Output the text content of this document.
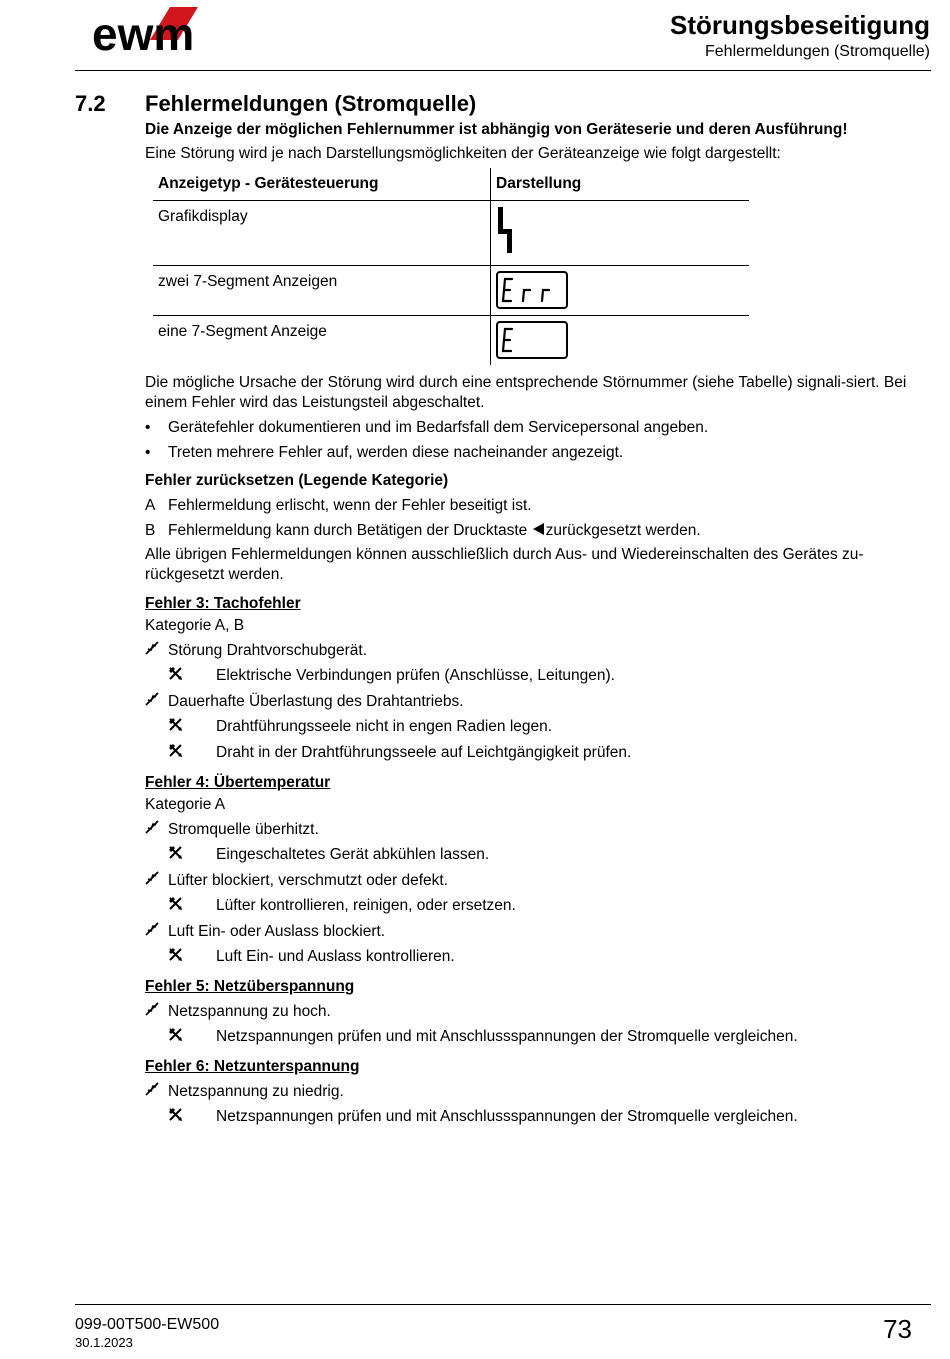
ewm	Störungsbeseitigung
Fehlermeldungen (Stromquelle)
7.2 Fehlermeldungen (Stromquelle)

Die Anzeige der möglichen Fehlernummer ist abhängig von Geräteserie und deren Ausführung!

Eine Störung wird je nach Darstellungsmöglichkeiten der Geräteanzeige wie folgt dargestellt:

Anzeigetyp - Gerätesteuerung	Darstellung
Grafikdisplay	
zwei 7-Segment Anzeigen	

eine 7-Segment Anzeige	

Die mögliche Ursache der Störung wird durch eine entsprechende Störnummer (siehe Tabelle) signali-siert. Bei einem Fehler wird das Leistungsteil abgeschaltet.

•	Gerätefehler dokumentieren und im Bedarfsfall dem Servicepersonal angeben.
•	Treten mehrere Fehler auf, werden diese nacheinander angezeigt.

Fehler zurücksetzen (Legende Kategorie)

A Fehlermeldung erlischt, wenn der Fehler beseitigt ist.
B Fehlermeldung kann durch Betätigen der Drucktaste zurückgesetzt werden.

Alle übrigen Fehlermeldungen können ausschließlich durch Aus- und Wiedereinschalten des Gerätes zu-rückgesetzt werden.

Fehler 3: Tachofehler

Kategorie A, B

Störung Drahtvorschubgerät.
Elektrische Verbindungen prüfen (Anschlüsse, Leitungen).
Dauerhafte Überlastung des Drahtantriebs.
Drahtführungsseele nicht in engen Radien legen.
Draht in der Drahtführungsseele auf Leichtgängigkeit prüfen.

Fehler 4: Übertemperatur

Kategorie A

Stromquelle überhitzt.
Eingeschaltetes Gerät abkühlen lassen.
Lüfter blockiert, verschmutzt oder defekt.
Lüfter kontrollieren, reinigen, oder ersetzen.
Luft Ein- oder Auslass blockiert.
Luft Ein- und Auslass kontrollieren.

Fehler 5: Netzüberspannung

Netzspannung zu hoch.
Netzspannungen prüfen und mit Anschlussspannungen der Stromquelle vergleichen.

Fehler 6: Netzunterspannung

Netzspannung zu niedrig.
Netzspannungen prüfen und mit Anschlussspannungen der Stromquelle vergleichen.
099-00T500-EW500
30.1.2023	73
